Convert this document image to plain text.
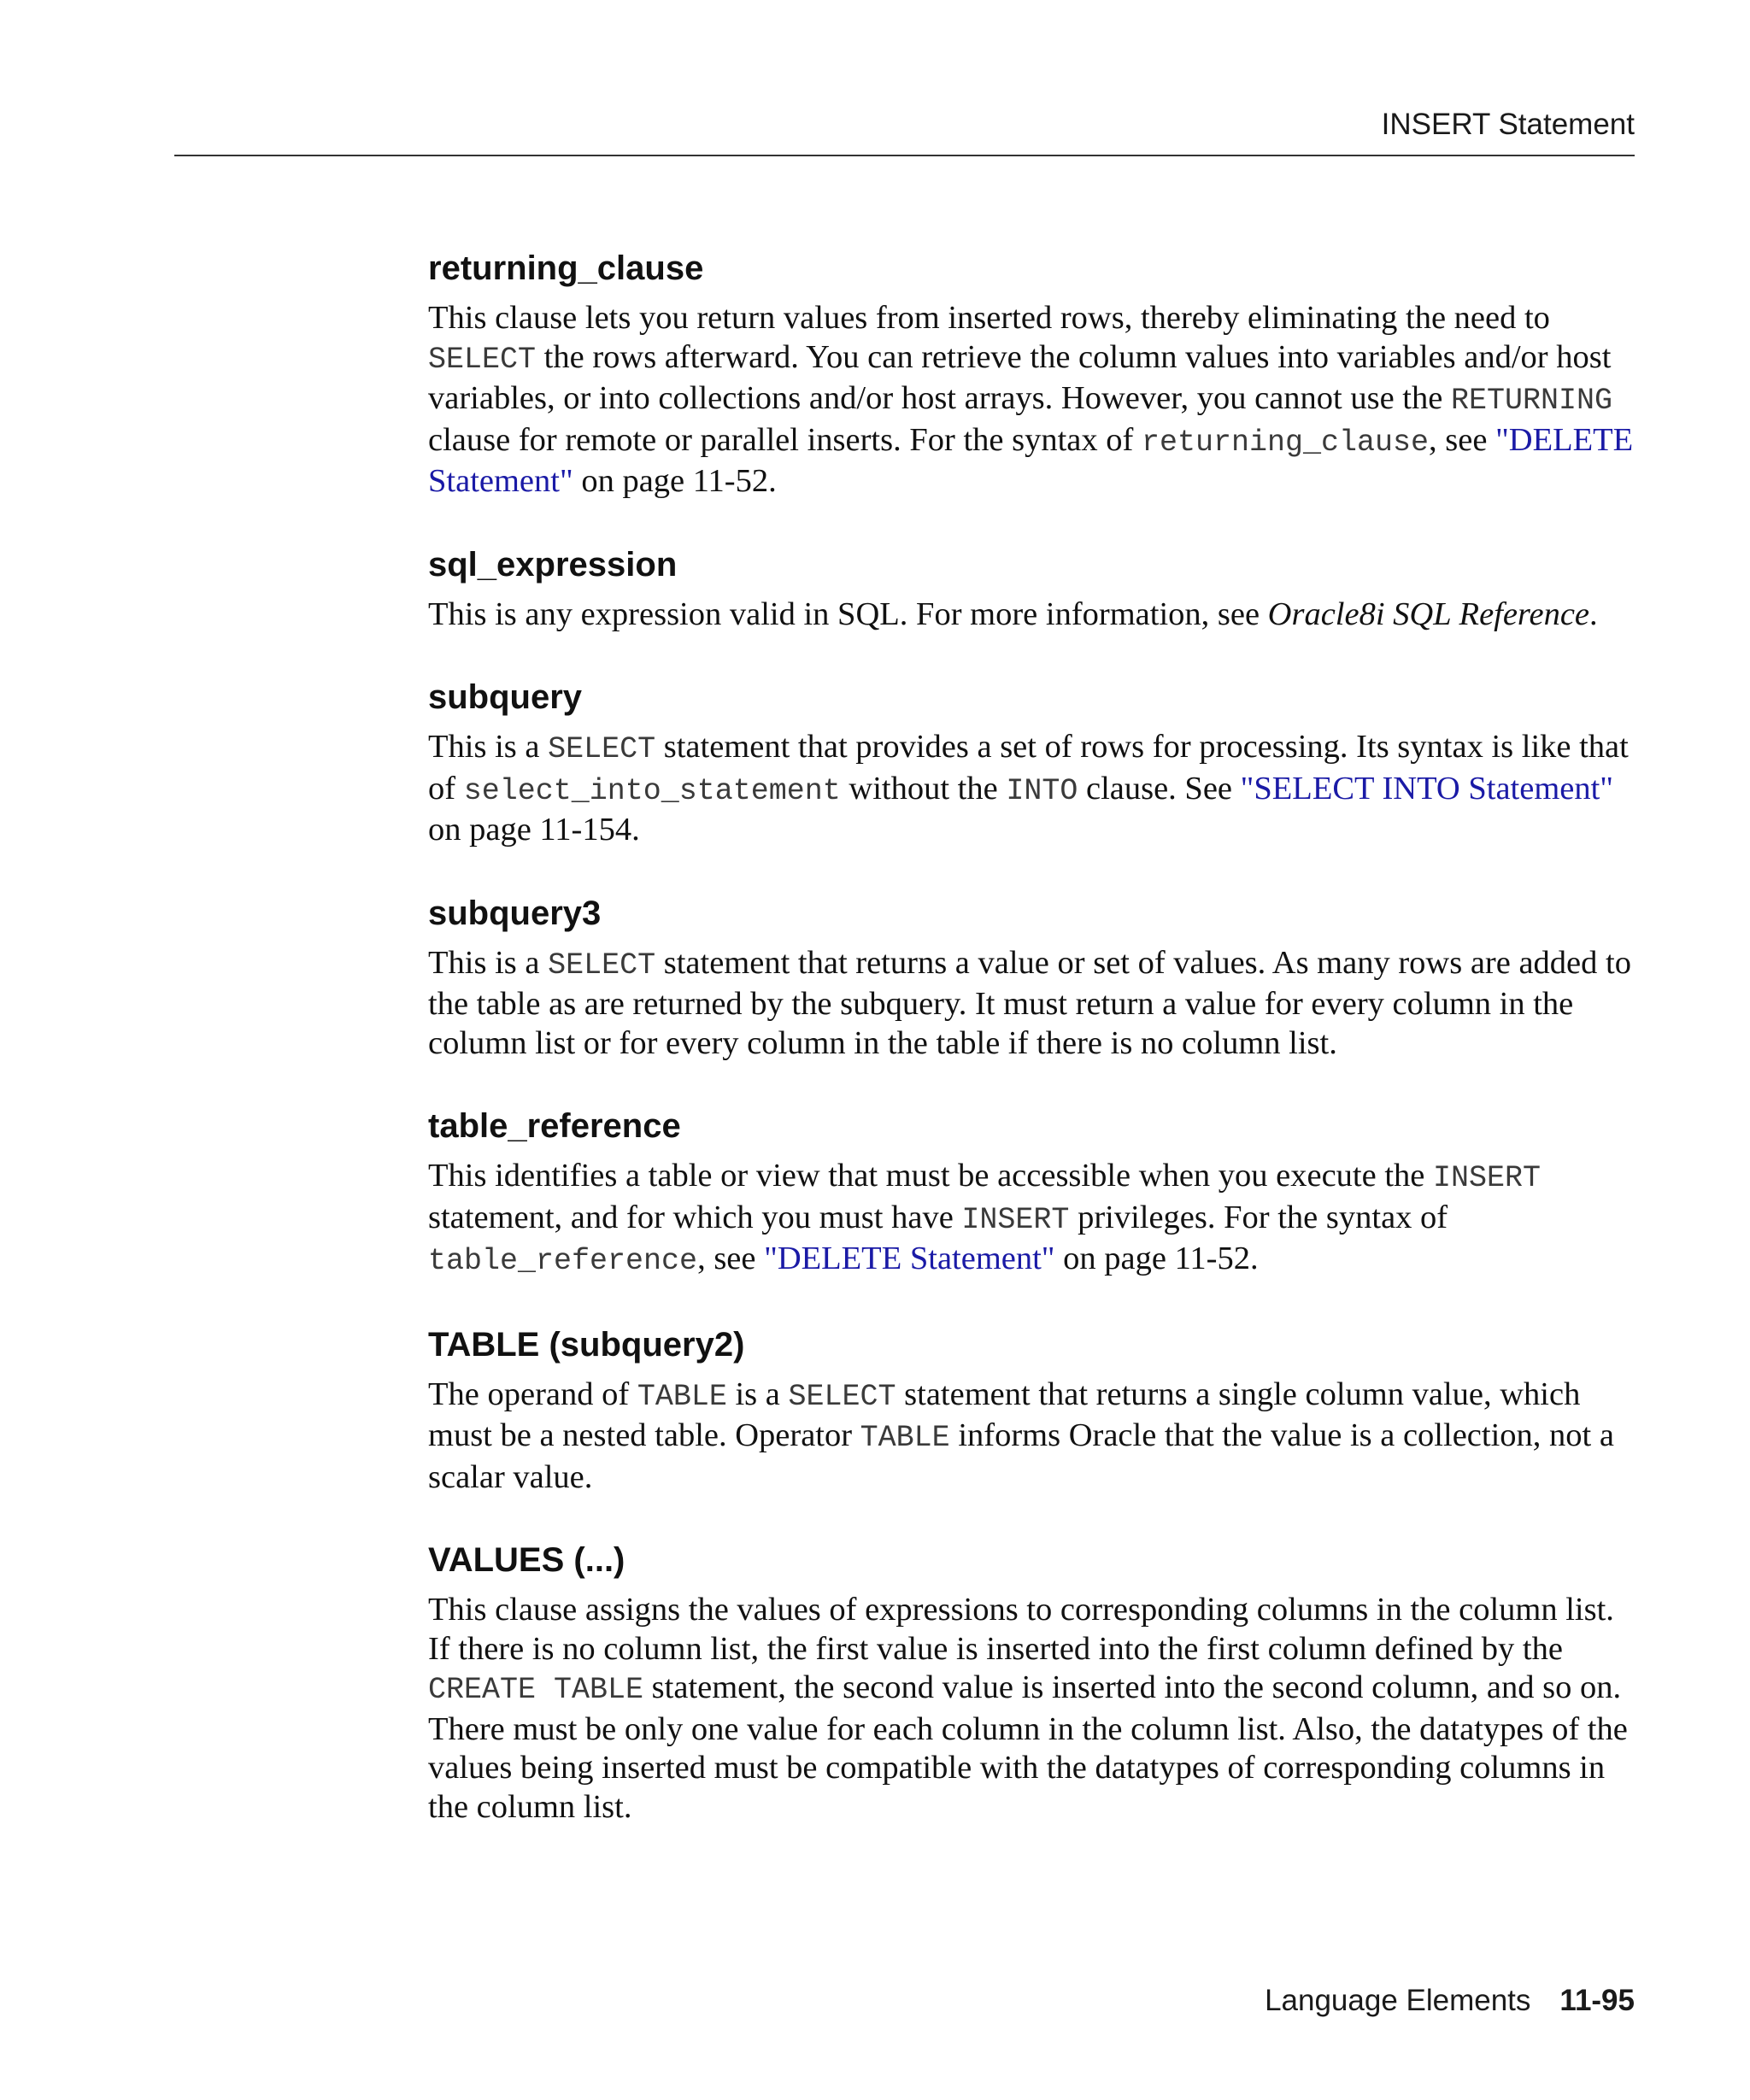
INSERT Statement
returning_clause

This clause lets you return values from inserted rows, thereby eliminating the need to SELECT the rows afterward. You can retrieve the column values into variables and/or host variables, or into collections and/or host arrays. However, you cannot use the RETURNING clause for remote or parallel inserts. For the syntax of returning_clause, see "DELETE Statement" on page 11-52.

sql_expression

This is any expression valid in SQL. For more information, see Oracle8i SQL Reference.

subquery

This is a SELECT statement that provides a set of rows for processing. Its syntax is like that of select_into_statement without the INTO clause. See "SELECT INTO Statement" on page 11-154.

subquery3

This is a SELECT statement that returns a value or set of values. As many rows are added to the table as are returned by the subquery. It must return a value for every column in the column list or for every column in the table if there is no column list.

table_reference

This identifies a table or view that must be accessible when you execute the INSERT statement, and for which you must have INSERT privileges. For the syntax of table_reference, see "DELETE Statement" on page 11-52.

TABLE (subquery2)

The operand of TABLE is a SELECT statement that returns a single column value, which must be a nested table. Operator TABLE informs Oracle that the value is a collection, not a scalar value.

VALUES (...)

This clause assigns the values of expressions to corresponding columns in the column list. If there is no column list, the first value is inserted into the first column defined by the CREATE TABLE statement, the second value is inserted into the second column, and so on. There must be only one value for each column in the column list. Also, the datatypes of the values being inserted must be compatible with the datatypes of corresponding columns in the column list.

Language Elements 11-95
